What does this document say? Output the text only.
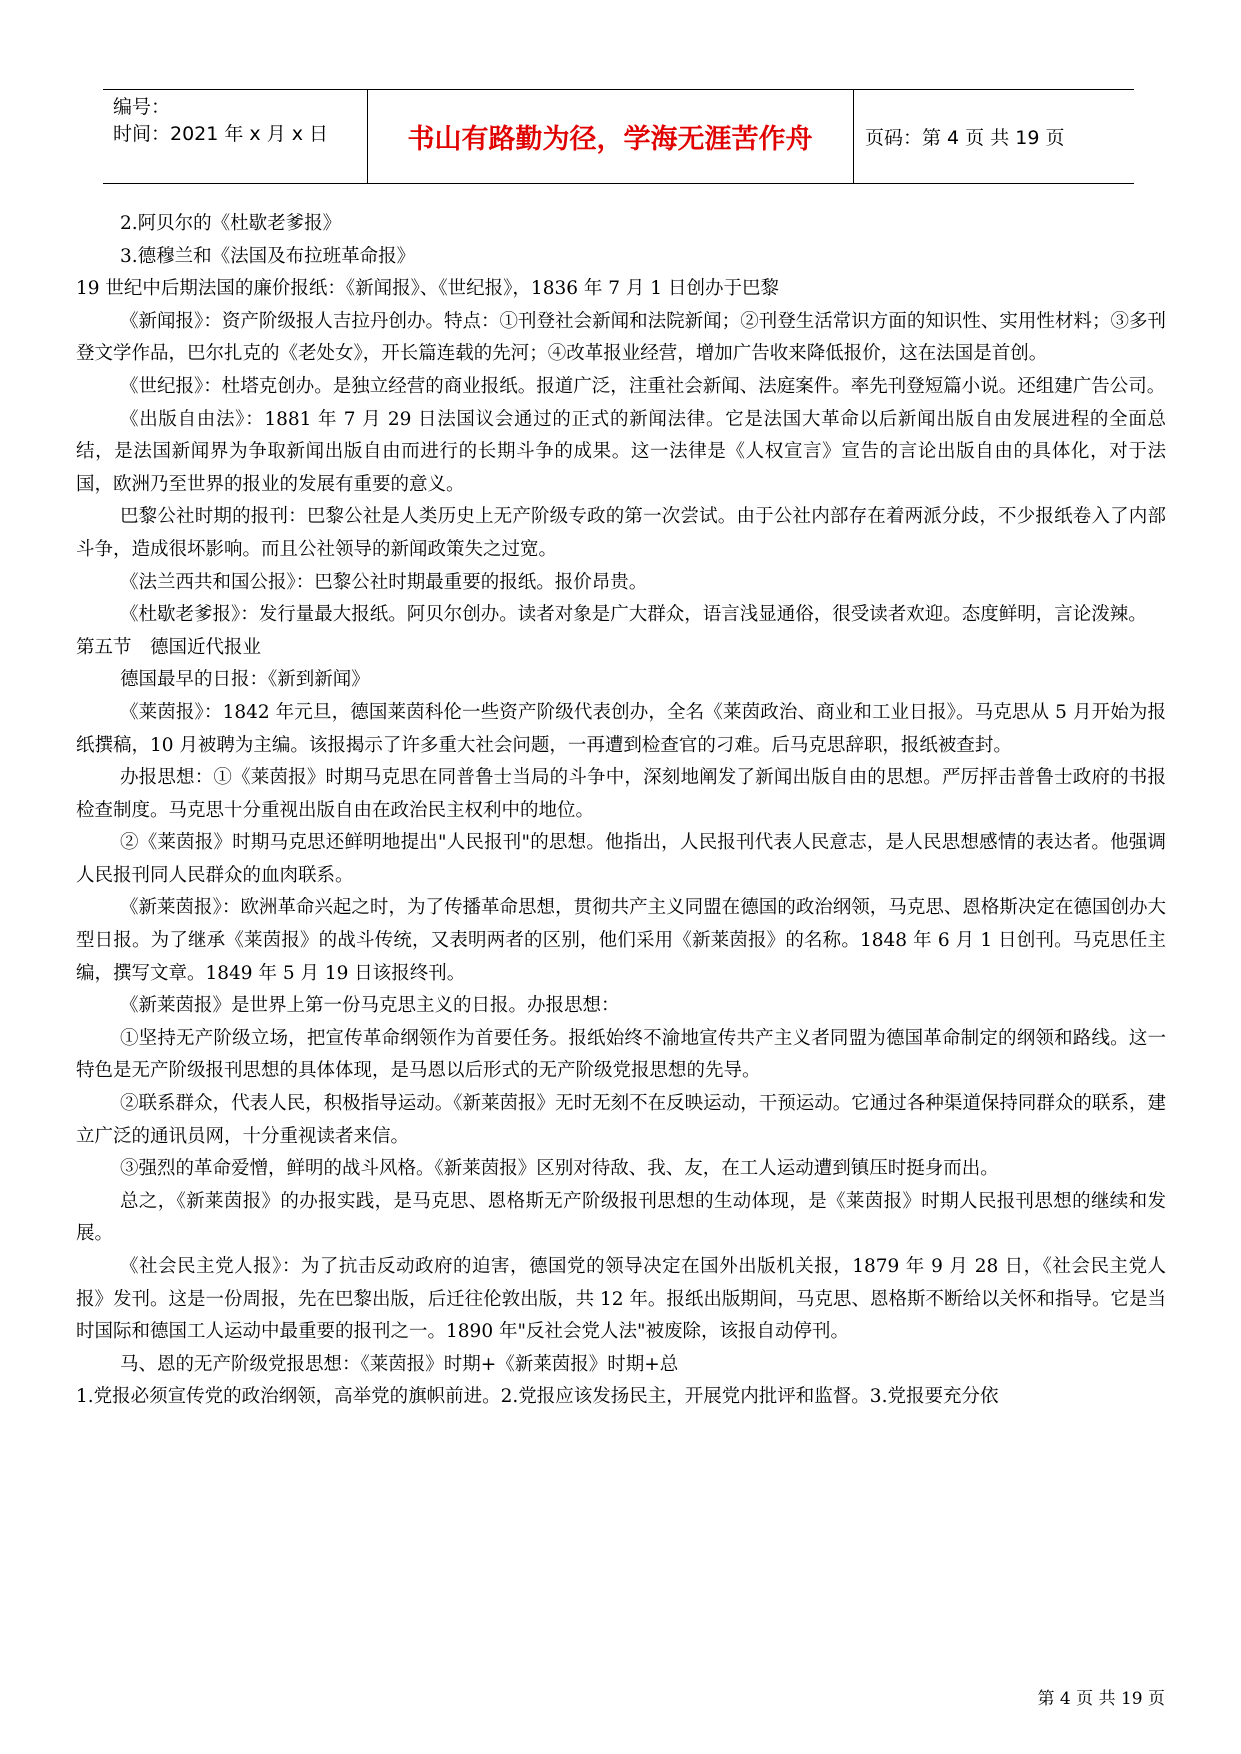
编号：
时间：2021 年 x 月 x 日	书山有路勤为径，学海无涯苦作舟	页码：第 4 页 共 19 页

2.阿贝尔的《杜歇老爹报》

3.德穆兰和《法国及布拉班革命报》

19 世纪中后期法国的廉价报纸：《新闻报》、《世纪报》，1836 年 7 月 1 日创办于巴黎

《新闻报》：资产阶级报人吉拉丹创办。特点：①刊登社会新闻和法院新闻；②刊登生活常识方面的知识性、实用性材料；③多刊登文学作品，巴尔扎克的《老处女》，开长篇连载的先河；④改革报业经营，增加广告收来降低报价，这在法国是首创。

《世纪报》：杜塔克创办。是独立经营的商业报纸。报道广泛，注重社会新闻、法庭案件。率先刊登短篇小说。还组建广告公司。

《出版自由法》：1881 年 7 月 29 日法国议会通过的正式的新闻法律。它是法国大革命以后新闻出版自由发展进程的全面总结，是法国新闻界为争取新闻出版自由而进行的长期斗争的成果。这一法律是《人权宣言》宣告的言论出版自由的具体化，对于法国，欧洲乃至世界的报业的发展有重要的意义。

巴黎公社时期的报刊：巴黎公社是人类历史上无产阶级专政的第一次尝试。由于公社内部存在着两派分歧，不少报纸卷入了内部斗争，造成很坏影响。而且公社领导的新闻政策失之过宽。

《法兰西共和国公报》：巴黎公社时期最重要的报纸。报价昂贵。

《杜歇老爹报》：发行量最大报纸。阿贝尔创办。读者对象是广大群众，语言浅显通俗，很受读者欢迎。态度鲜明，言论泼辣。

第五节　德国近代报业

德国最早的日报：《新到新闻》

《莱茵报》：1842 年元旦，德国莱茵科伦一些资产阶级代表创办，全名《莱茵政治、商业和工业日报》。马克思从 5 月开始为报纸撰稿，10 月被聘为主编。该报揭示了许多重大社会问题，一再遭到检查官的刁难。后马克思辞职，报纸被查封。

办报思想：①《莱茵报》时期马克思在同普鲁士当局的斗争中，深刻地阐发了新闻出版自由的思想。严厉抨击普鲁士政府的书报检查制度。马克思十分重视出版自由在政治民主权利中的地位。

②《莱茵报》时期马克思还鲜明地提出"人民报刊"的思想。他指出，人民报刊代表人民意志，是人民思想感情的表达者。他强调人民报刊同人民群众的血肉联系。

《新莱茵报》：欧洲革命兴起之时，为了传播革命思想，贯彻共产主义同盟在德国的政治纲领，马克思、恩格斯决定在德国创办大型日报。为了继承《莱茵报》的战斗传统，又表明两者的区别，他们采用《新莱茵报》的名称。1848 年 6 月 1 日创刊。马克思任主编，撰写文章。1849 年 5 月 19 日该报终刊。

《新莱茵报》是世界上第一份马克思主义的日报。办报思想：

①坚持无产阶级立场，把宣传革命纲领作为首要任务。报纸始终不渝地宣传共产主义者同盟为德国革命制定的纲领和路线。这一特色是无产阶级报刊思想的具体体现，是马恩以后形式的无产阶级党报思想的先导。

②联系群众，代表人民，积极指导运动。《新莱茵报》无时无刻不在反映运动，干预运动。它通过各种渠道保持同群众的联系，建立广泛的通讯员网，十分重视读者来信。

③强烈的革命爱憎，鲜明的战斗风格。《新莱茵报》区别对待敌、我、友，在工人运动遭到镇压时挺身而出。

总之，《新莱茵报》的办报实践，是马克思、恩格斯无产阶级报刊思想的生动体现，是《莱茵报》时期人民报刊思想的继续和发展。

《社会民主党人报》：为了抗击反动政府的迫害，德国党的领导决定在国外出版机关报，1879 年 9 月 28 日，《社会民主党人报》发刊。这是一份周报，先在巴黎出版，后迁往伦敦出版，共 12 年。报纸出版期间，马克思、恩格斯不断给以关怀和指导。它是当时国际和德国工人运动中最重要的报刊之一。1890 年"反社会党人法"被废除，该报自动停刊。

马、恩的无产阶级党报思想：《莱茵报》时期+《新莱茵报》时期+总

1.党报必须宣传党的政治纲领，高举党的旗帜前进。2.党报应该发扬民主，开展党内批评和监督。3.党报要充分依

第 4 页 共 19 页
